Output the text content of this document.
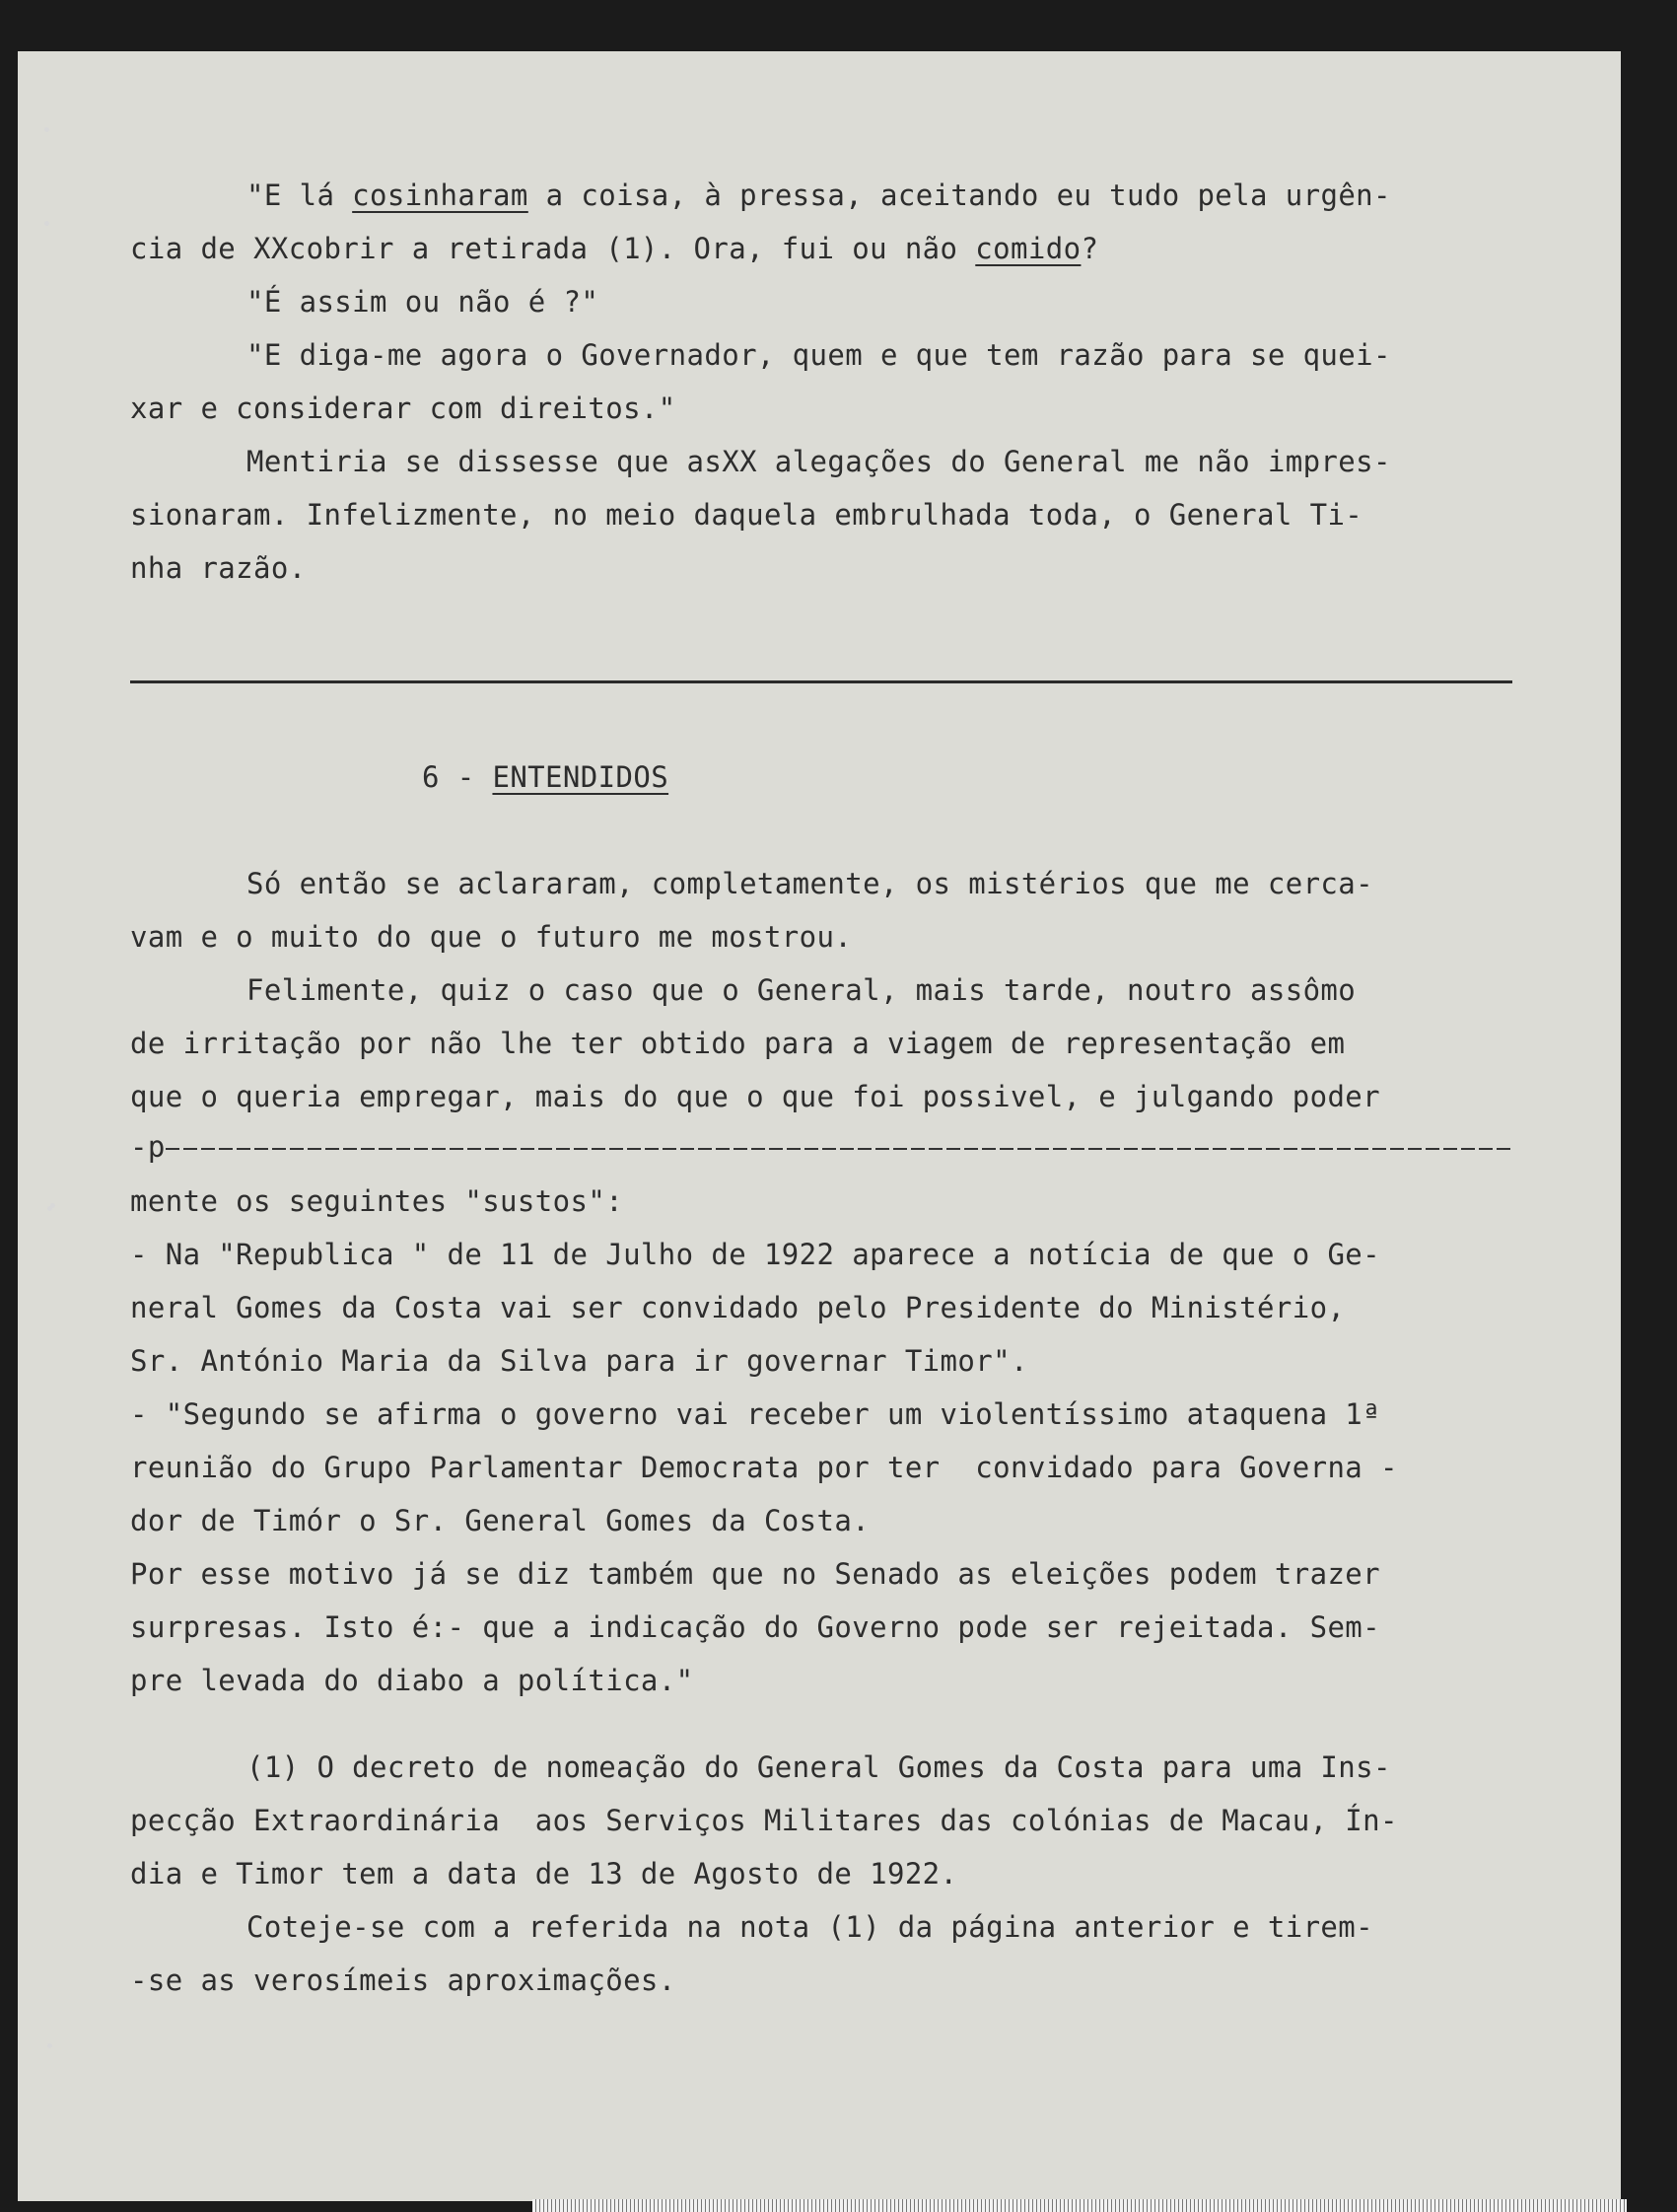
"E lá cosinharam a coisa, à pressa, aceitando eu tudo pela urgên-
cia de XXcobrir a retirada (1). Ora, fui ou não comido?
"É assim ou não é ?"
"E diga-me agora o Governador, quem e que tem razão para se quei-
xar e considerar com direitos."
Mentiria se dissesse que asXX alegações do General me não impres-
sionaram. Infelizmente, no meio daquela embrulhada toda, o General Ti-
nha razão.
6 - ENTENDIDOS
Só então se aclararam, completamente, os mistérios que me cerca-
vam e o muito do que o futuro me mostrou.
Felimente, quiz o caso que o General, mais tarde, noutro assômo
de irritação por não lhe ter obtido para a viagem de representação em
que o queria empregar, mais do que o que foi possivel, e julgando poder
-p
mente os seguintes "sustos":
- Na "Republica " de 11 de Julho de 1922 aparece a notícia de que o Ge-
neral Gomes da Costa vai ser convidado pelo Presidente do Ministério,
Sr. António Maria da Silva para ir governar Timor".
- "Segundo se afirma o governo vai receber um violentíssimo ataquena 1ª
reunião do Grupo Parlamentar Democrata por ter  convidado para Governa -
dor de Timór o Sr. General Gomes da Costa.
Por esse motivo já se diz também que no Senado as eleições podem trazer
surpresas. Isto é:- que a indicação do Governo pode ser rejeitada. Sem-
pre levada do diabo a política."
(1) O decreto de nomeação do General Gomes da Costa para uma Ins-
pecção Extraordinária  aos Serviços Militares das colónias de Macau, Ín-
dia e Timor tem a data de 13 de Agosto de 1922.
Coteje-se com a referida na nota (1) da página anterior e tirem-
-se as verosímeis aproximações.
